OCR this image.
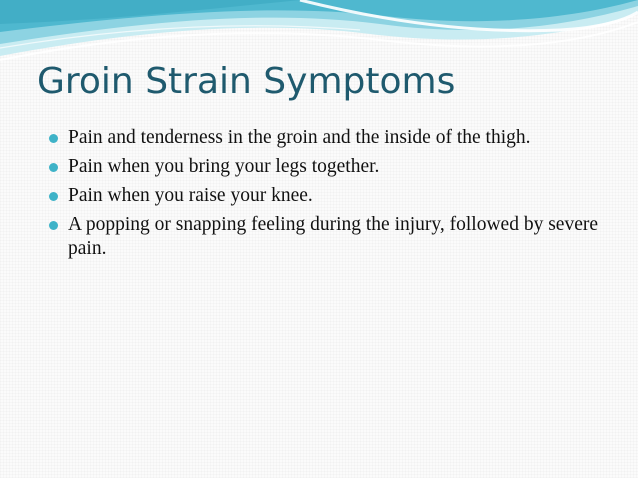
Groin Strain Symptoms
Pain and tenderness in the groin and the inside of the thigh.
Pain when you bring your legs together.
Pain when you raise your knee.
A popping or snapping feeling during the injury, followed by severe pain.
